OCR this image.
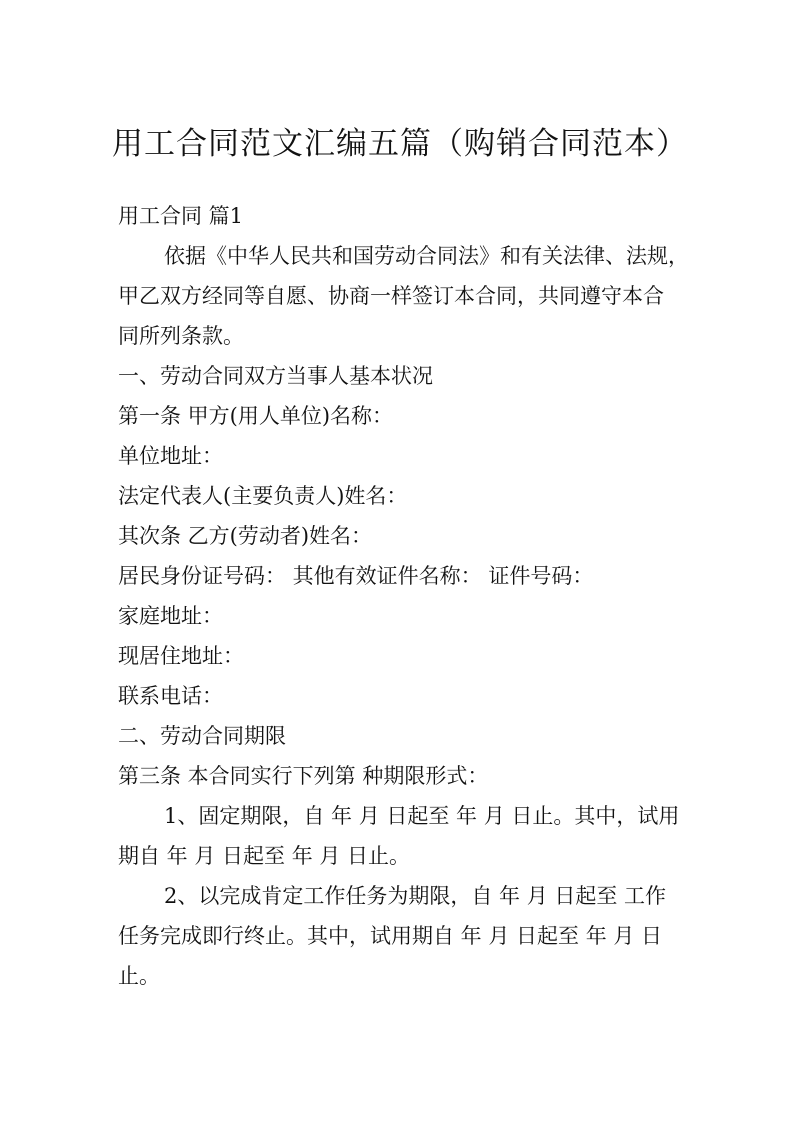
用工合同范文汇编五篇（购销合同范本）

用工合同 篇1

依据《中华人民共和国劳动合同法》和有关法律、法规，
甲乙双方经同等自愿、协商一样签订本合同，共同遵守本合
同所列条款。

一、劳动合同双方当事人基本状况

第一条 甲方(用人单位)名称：

单位地址：

法定代表人(主要负责人)姓名：

其次条 乙方(劳动者)姓名：

居民身份证号码： 其他有效证件名称： 证件号码：

家庭地址：

现居住地址：

联系电话：

二、劳动合同期限

第三条 本合同实行下列第 种期限形式：

1、固定期限，自 年 月 日起至 年 月 日止。其中，试用
期自 年 月 日起至 年 月 日止。

2、以完成肯定工作任务为期限，自 年 月 日起至 工作
任务完成即行终止。其中，试用期自 年 月 日起至 年 月 日
止。
